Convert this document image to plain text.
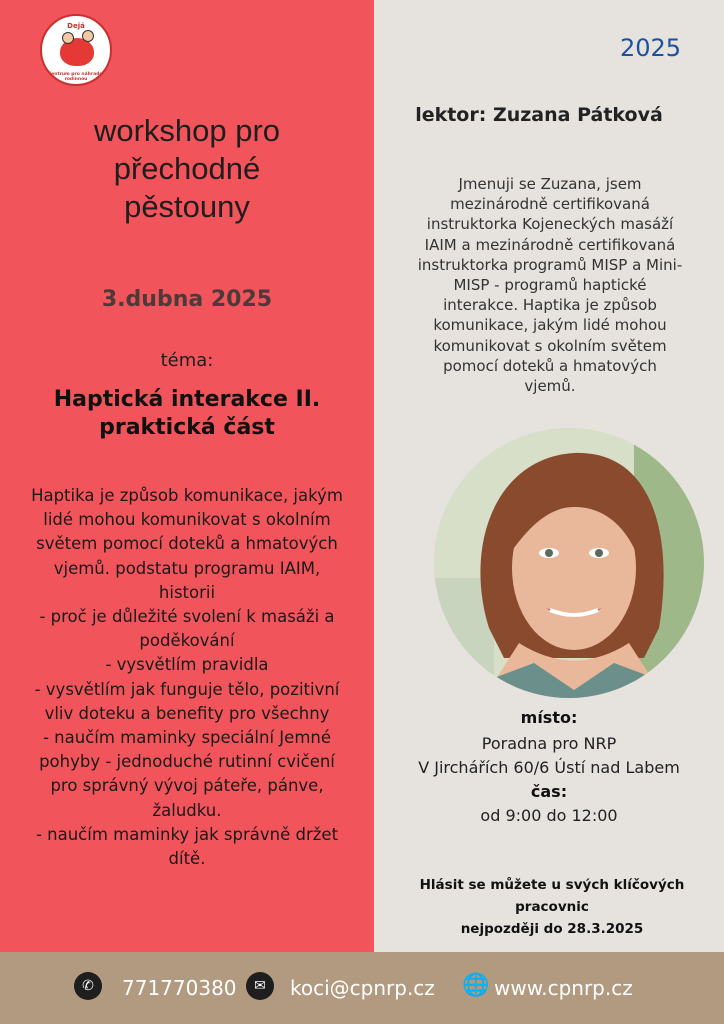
Dejá
Centrum pro náhradní rodinnou
workshop pro
přechodné
pěstouny
3.dubna 2025
téma:
Haptická interakce II.
praktická část
Haptika je způsob komunikace, jakým
lidé mohou komunikovat s okolním
světem pomocí doteků a hmatových
vjemů. podstatu programu IAIM,
historii
- proč je důležité svolení k masáži a
poděkování
- vysvětlím pravidla
- vysvětlím jak funguje tělo, pozitivní
vliv doteku a benefity pro všechny
- naučím maminky speciální Jemné
pohyby - jednoduché rutinní cvičení
pro správný vývoj páteře, pánve,
žaludku.
- naučím maminky jak správně držet
dítě.
2025
lektor: Zuzana Pátková
Jmenuji se Zuzana, jsem
mezinárodně certifikovaná
instruktorka Kojeneckých masáží
IAIM a mezinárodně certifikovaná
instruktorka programů MISP a Mini-
MISP - programů haptické
interakce. Haptika je způsob
komunikace, jakým lidé mohou
komunikovat s okolním světem
pomocí doteků a hmatových
vjemů.
místo:
Poradna pro NRP
V Jirchářích 60/6 Ústí nad Labem
čas:
od 9:00 do 12:00
Hlásit se můžete u svých klíčových
pracovnic
nejpozději do 28.3.2025
✆	771770380	✉	koci@cpnrp.cz 🌐 www.cpnrp.cz
